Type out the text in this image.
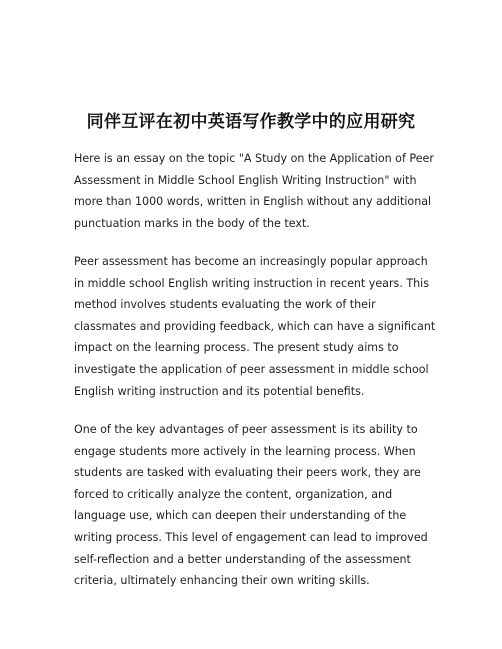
同伴互评在初中英语写作教学中的应用研究

Here is an essay on the topic "A Study on the Application of Peer Assessment in Middle School English Writing Instruction" with more than 1000 words, written in English without any additional punctuation marks in the body of the text.

Peer assessment has become an increasingly popular approach in middle school English writing instruction in recent years. This method involves students evaluating the work of their classmates and providing feedback, which can have a significant impact on the learning process. The present study aims to investigate the application of peer assessment in middle school English writing instruction and its potential benefits.

One of the key advantages of peer assessment is its ability to engage students more actively in the learning process. When students are tasked with evaluating their peers work, they are forced to critically analyze the content, organization, and language use, which can deepen their understanding of the writing process. This level of engagement can lead to improved self-reflection and a better understanding of the assessment criteria, ultimately enhancing their own writing skills.
